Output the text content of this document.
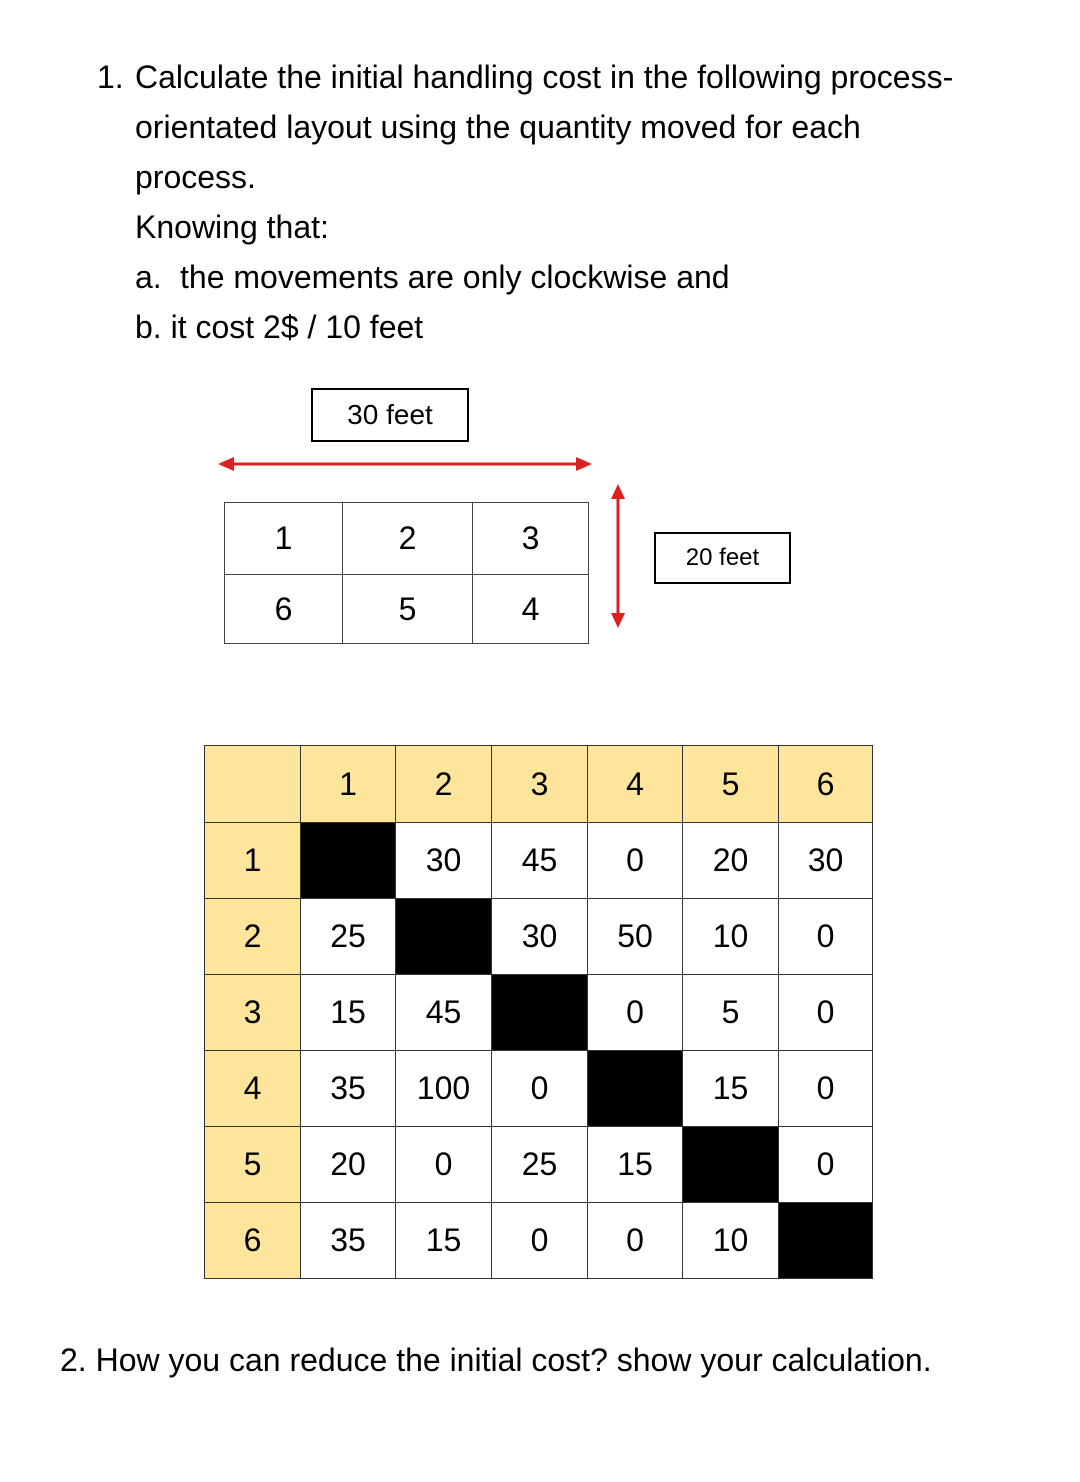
1. Calculate the initial handling cost in the following process-
orientated layout using the quantity moved for each
process.
Knowing that:
a. the movements are only clockwise and
b. it cost 2$ / 10 feet
30 feet
20 feet
1	2	3
6	5	4
	1	2	3	4	5	6
1		30	45	0	20	30
2	25		30	50	10	0
3	15	45		0	5	0
4	35	100	0		15	0
5	20	0	25	15		0
6	35	15	0	0	10	
2. How you can reduce the initial cost? show your calculation.
